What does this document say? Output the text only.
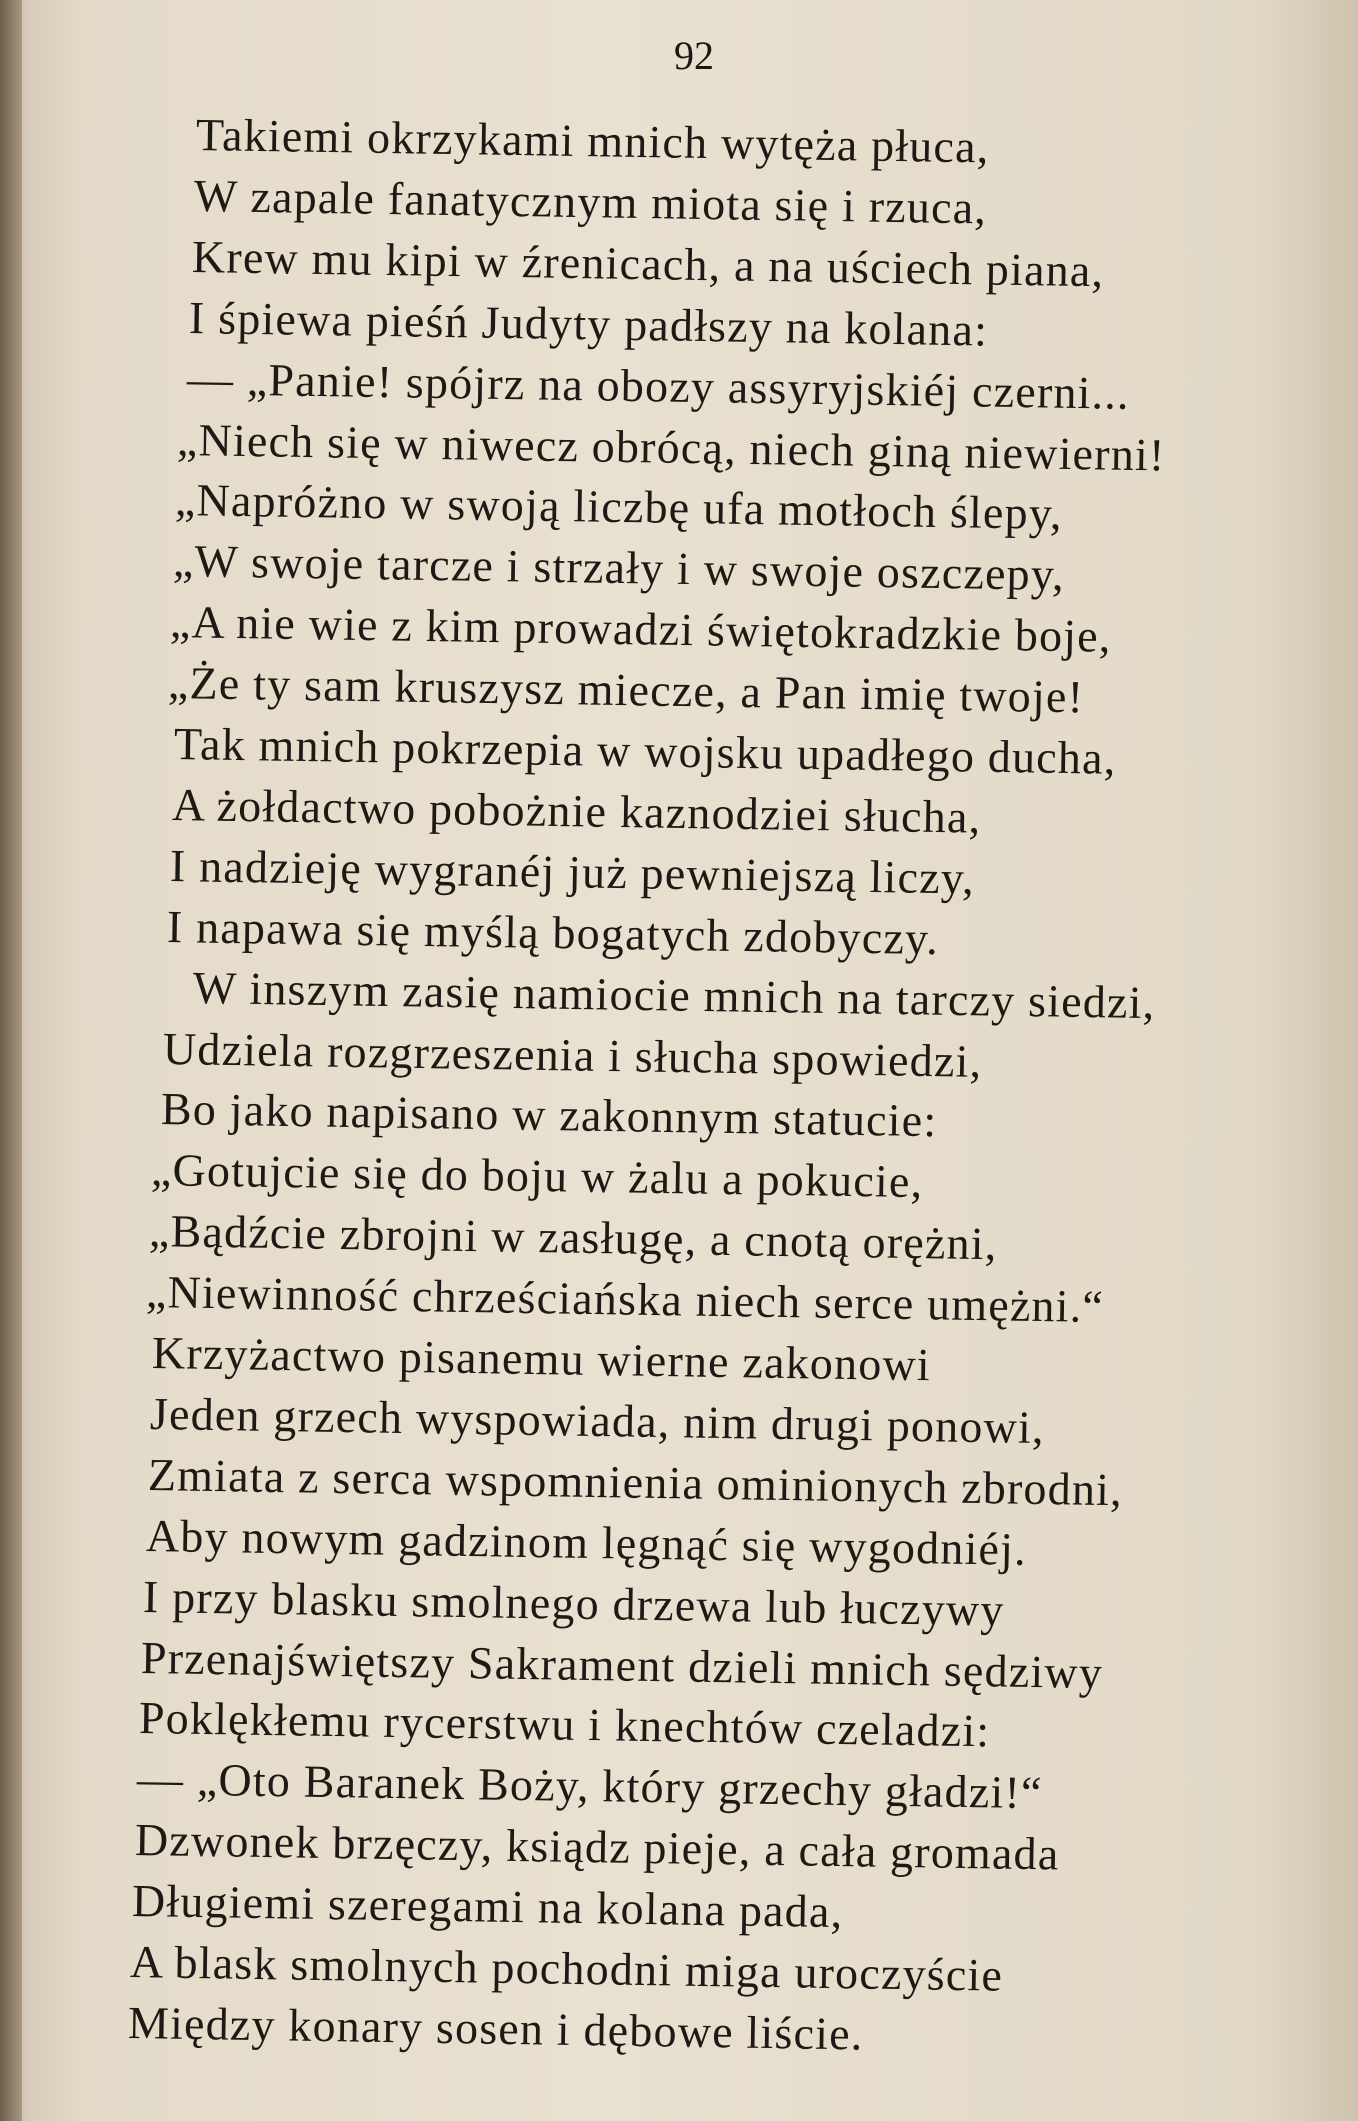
92
Takiemi okrzykami mnich wytęża płuca,
W zapale fanatycznym miota się i rzuca,
Krew mu kipi w źrenicach, a na uściech piana,
I śpiewa pieśń Judyty padłszy na kolana:
— „Panie! spójrz na obozy assyryjskiéj czerni...
„Niech się w niwecz obrócą, niech giną niewierni!
„Napróżno w swoją liczbę ufa motłoch ślepy,
„W swoje tarcze i strzały i w swoje oszczepy,
„A nie wie z kim prowadzi świętokradzkie boje,
„Że ty sam kruszysz miecze, a Pan imię twoje!
Tak mnich pokrzepia w wojsku upadłego ducha,
A żołdactwo pobożnie kaznodziei słucha,
I nadzieję wygranéj już pewniejszą liczy,
I napawa się myślą bogatych zdobyczy.
W inszym zasię namiocie mnich na tarczy siedzi,
Udziela rozgrzeszenia i słucha spowiedzi,
Bo jako napisano w zakonnym statucie:
„Gotujcie się do boju w żalu a pokucie,
„Bądźcie zbrojni w zasługę, a cnotą orężni,
„Niewinność chrześciańska niech serce umężni.“
Krzyżactwo pisanemu wierne zakonowi
Jeden grzech wyspowiada, nim drugi ponowi,
Zmiata z serca wspomnienia ominionych zbrodni,
Aby nowym gadzinom lęgnąć się wygodniéj.
I przy blasku smolnego drzewa lub łuczywy
Przenajświętszy Sakrament dzieli mnich sędziwy
Poklękłemu rycerstwu i knechtów czeladzi:
— „Oto Baranek Boży, który grzechy gładzi!“
Dzwonek brzęczy, ksiądz pieje, a cała gromada
Długiemi szeregami na kolana pada,
A blask smolnych pochodni miga uroczyście
Między konary sosen i dębowe liście.
